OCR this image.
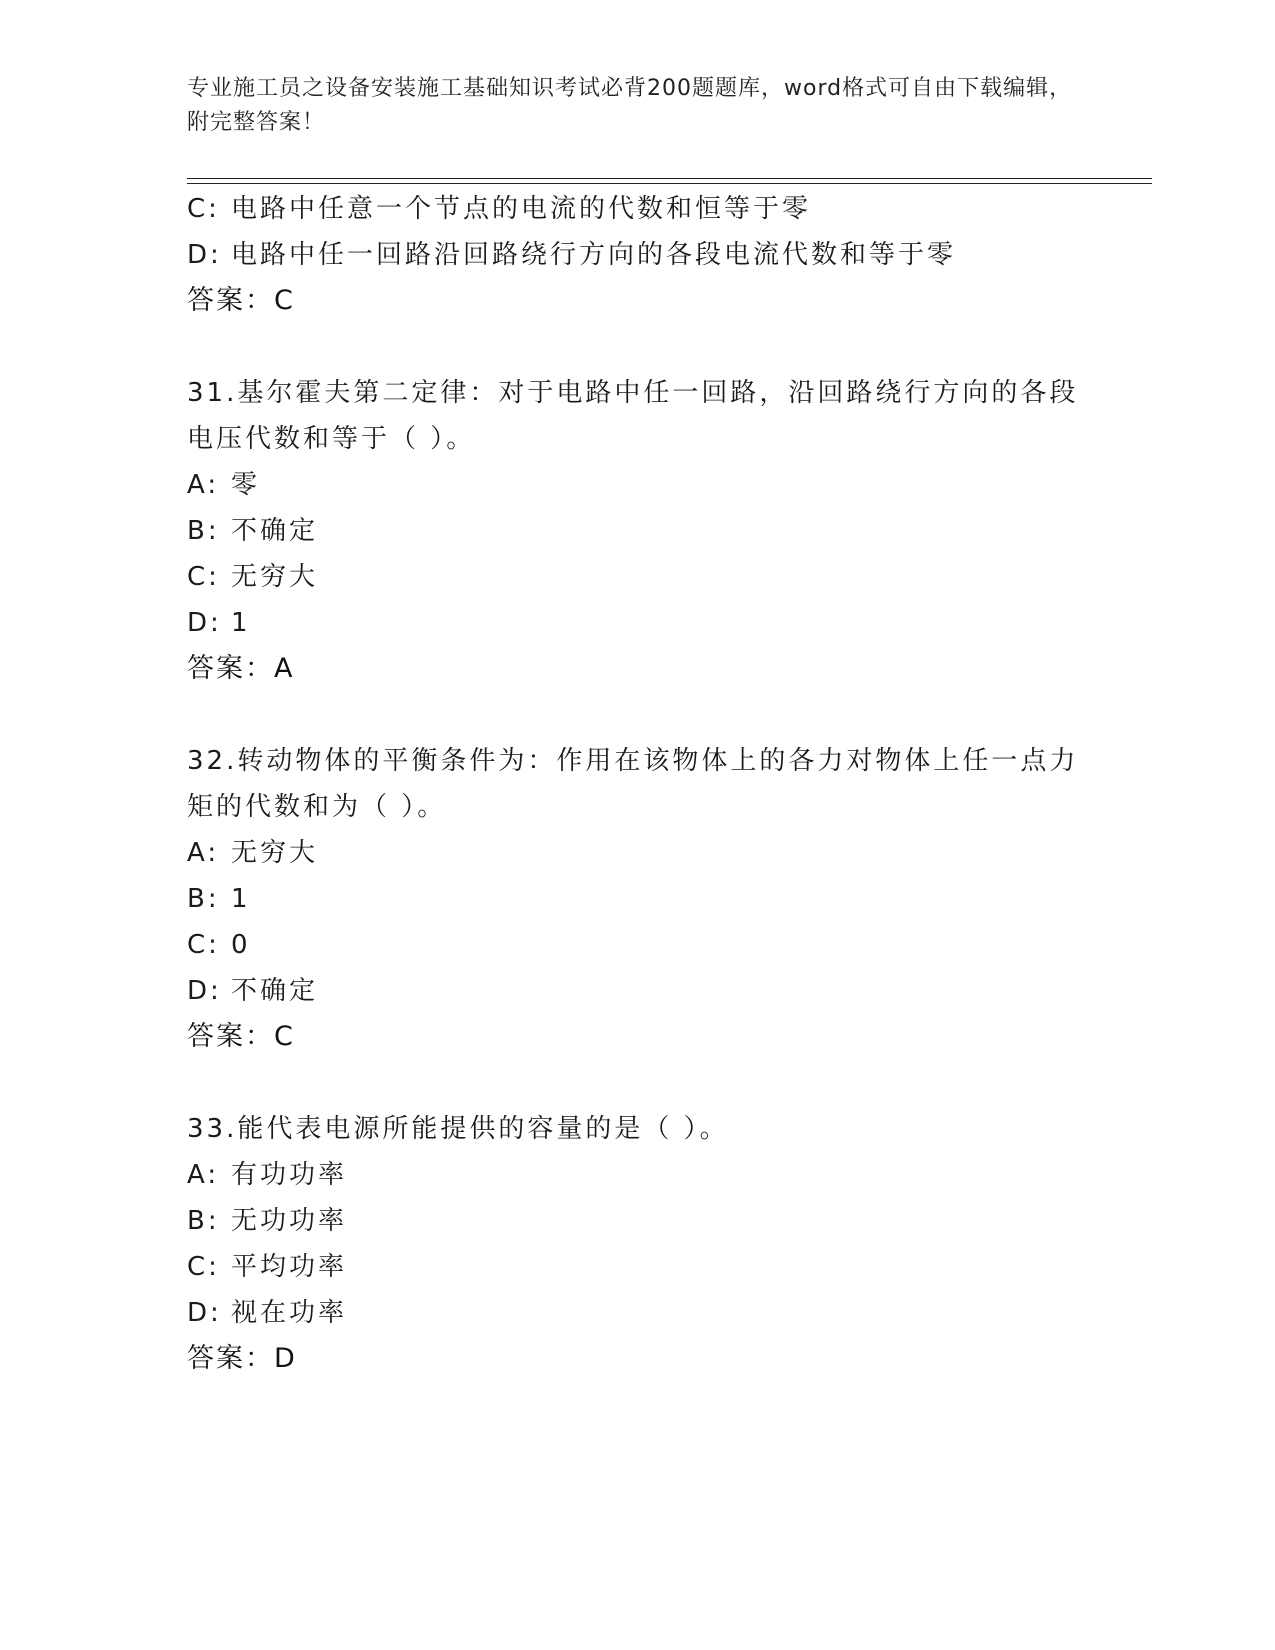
专业施工员之设备安装施工基础知识考试必背200题题库，word格式可自由下载编辑，附完整答案！
C: 电路中任意一个节点的电流的代数和恒等于零
D: 电路中任一回路沿回路绕行方向的各段电流代数和等于零
答案：C
31.基尔霍夫第二定律：对于电路中任一回路，沿回路绕行方向的各段电压代数和等于（ ）。
A: 零
B: 不确定
C: 无穷大
D: 1
答案：A
32.转动物体的平衡条件为：作用在该物体上的各力对物体上任一点力矩的代数和为（ ）。
A: 无穷大
B: 1
C: 0
D: 不确定
答案：C
33.能代表电源所能提供的容量的是（ ）。
A: 有功功率
B: 无功功率
C: 平均功率
D: 视在功率
答案：D
